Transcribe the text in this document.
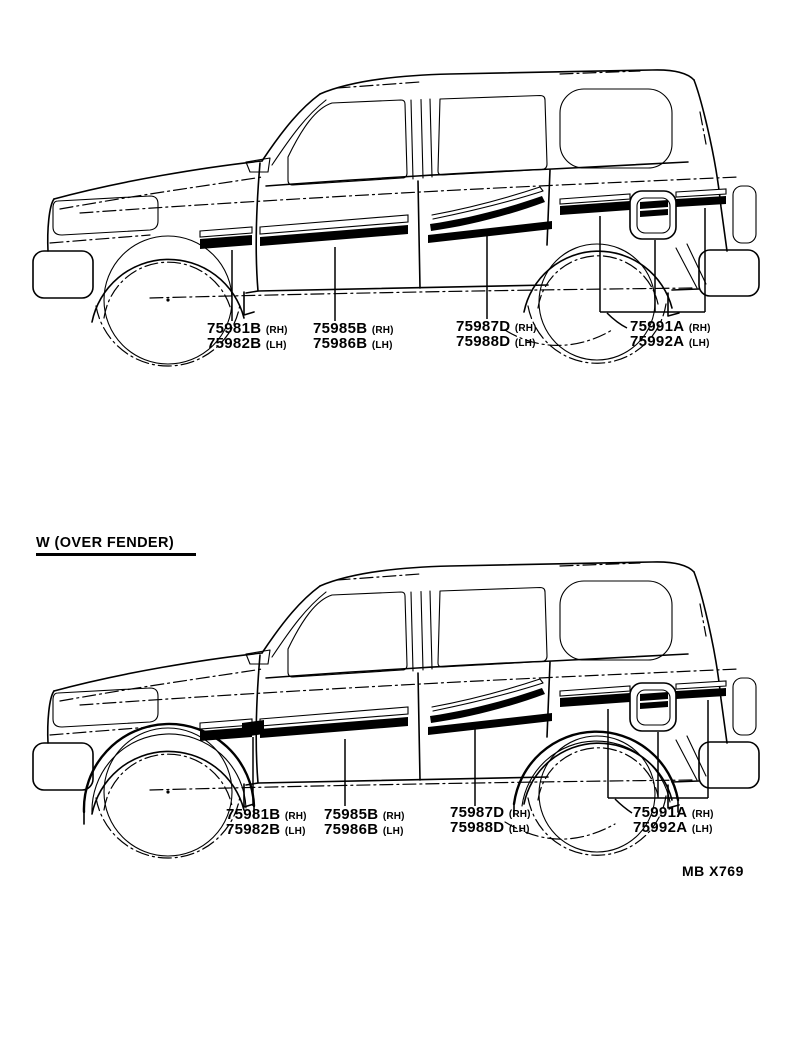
W (OVER FENDER)
75981B (RH)
75982B (LH)
75985B (RH)
75986B (LH)
75987D (RH)
75988D (LH)
75991A (RH)
75992A (LH)
75981B (RH)
75982B (LH)
75985B (RH)
75986B (LH)
75987D (RH)
75988D (LH)
75991A (RH)
75992A (LH)
MB X769
